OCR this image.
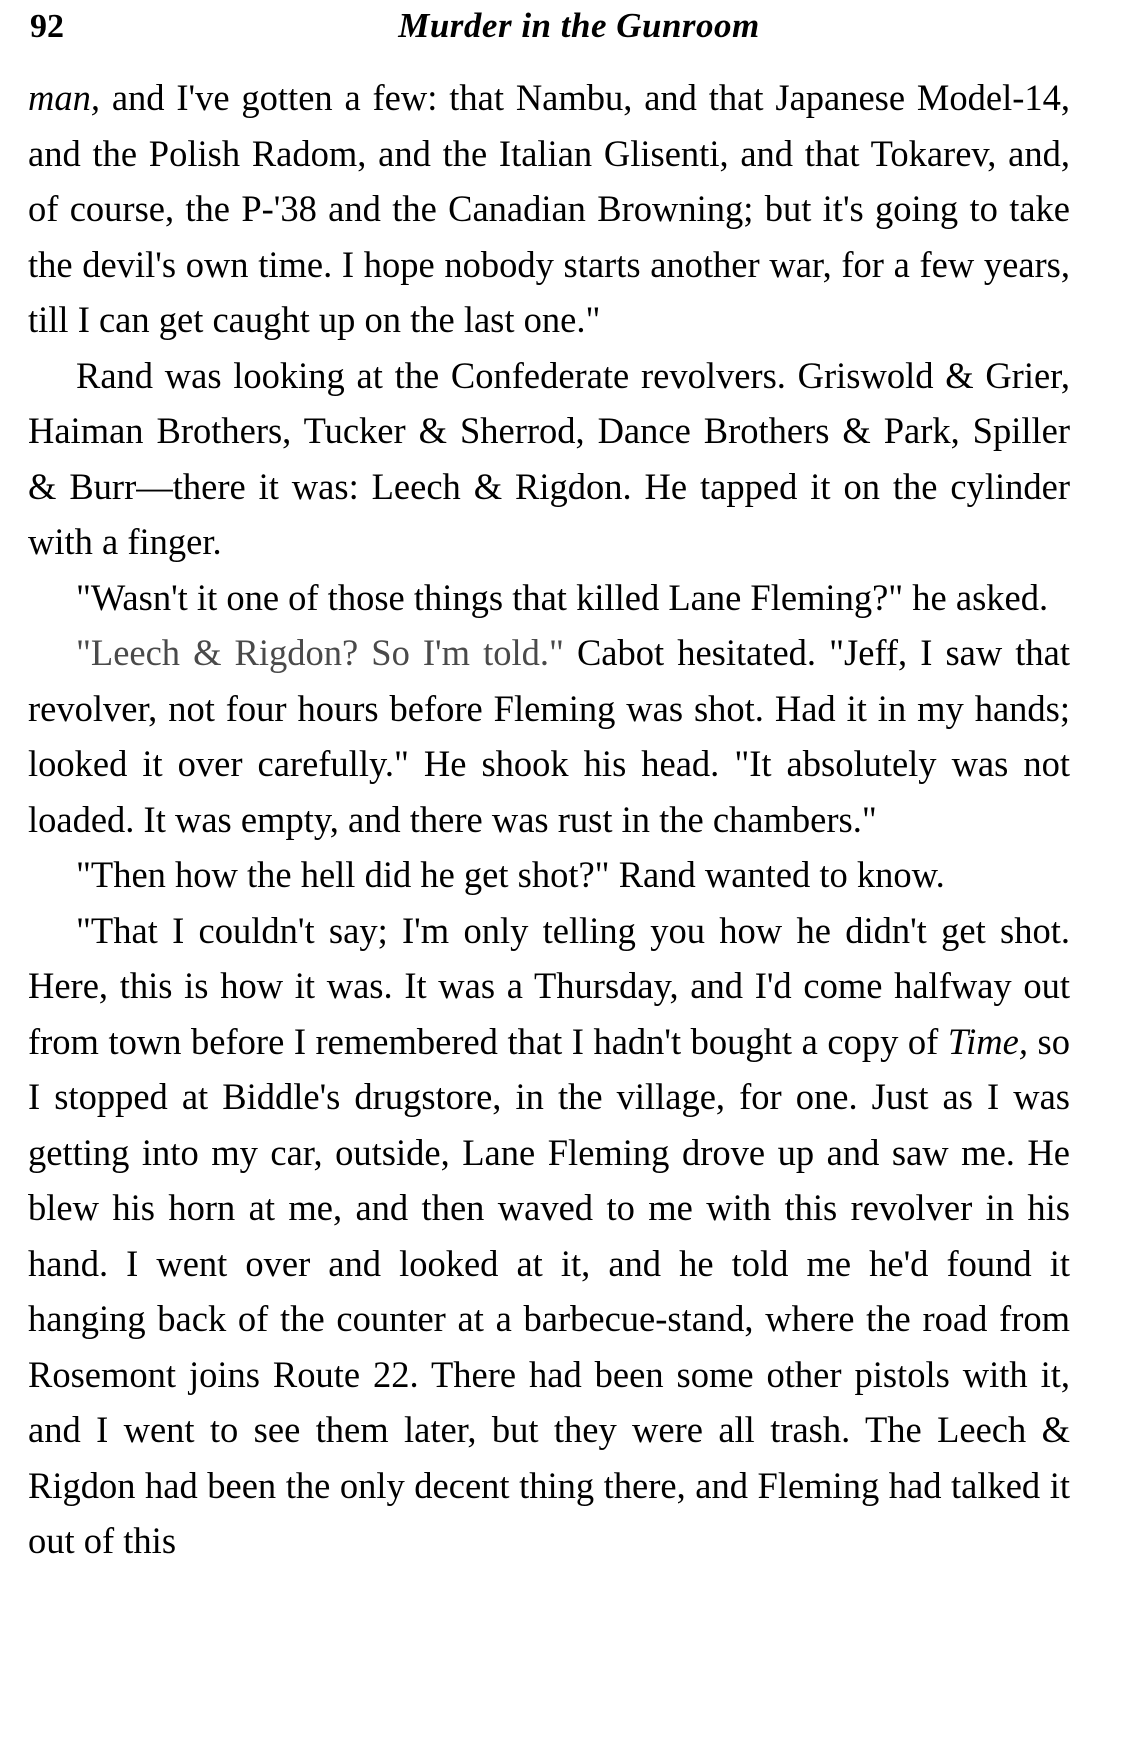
92	Murder in the Gunroom

man, and I've gotten a few: that Nambu, and that Japanese Model-14, and the Polish Radom, and the Italian Glisenti, and that Tokarev, and, of course, the P-'38 and the Canadian Browning; but it's going to take the devil's own time. I hope nobody starts another war, for a few years, till I can get caught up on the last one."

Rand was looking at the Confederate revolvers. Griswold & Grier, Haiman Brothers, Tucker & Sherrod, Dance Brothers & Park, Spiller & Burr—there it was: Leech & Rigdon. He tapped it on the cylinder with a finger.

"Wasn't it one of those things that killed Lane Fleming?" he asked.

"Leech & Rigdon? So I'm told." Cabot hesitated. "Jeff, I saw that revolver, not four hours before Fleming was shot. Had it in my hands; looked it over carefully." He shook his head. "It absolutely was not loaded. It was empty, and there was rust in the chambers."

"Then how the hell did he get shot?" Rand wanted to know.

"That I couldn't say; I'm only telling you how he didn't get shot. Here, this is how it was. It was a Thursday, and I'd come halfway out from town before I remembered that I hadn't bought a copy of Time, so I stopped at Biddle's drugstore, in the village, for one. Just as I was getting into my car, outside, Lane Fleming drove up and saw me. He blew his horn at me, and then waved to me with this revolver in his hand. I went over and looked at it, and he told me he'd found it hanging back of the counter at a barbecue-stand, where the road from Rosemont joins Route 22. There had been some other pistols with it, and I went to see them later, but they were all trash. The Leech & Rigdon had been the only decent thing there, and Fleming had talked it out of this
